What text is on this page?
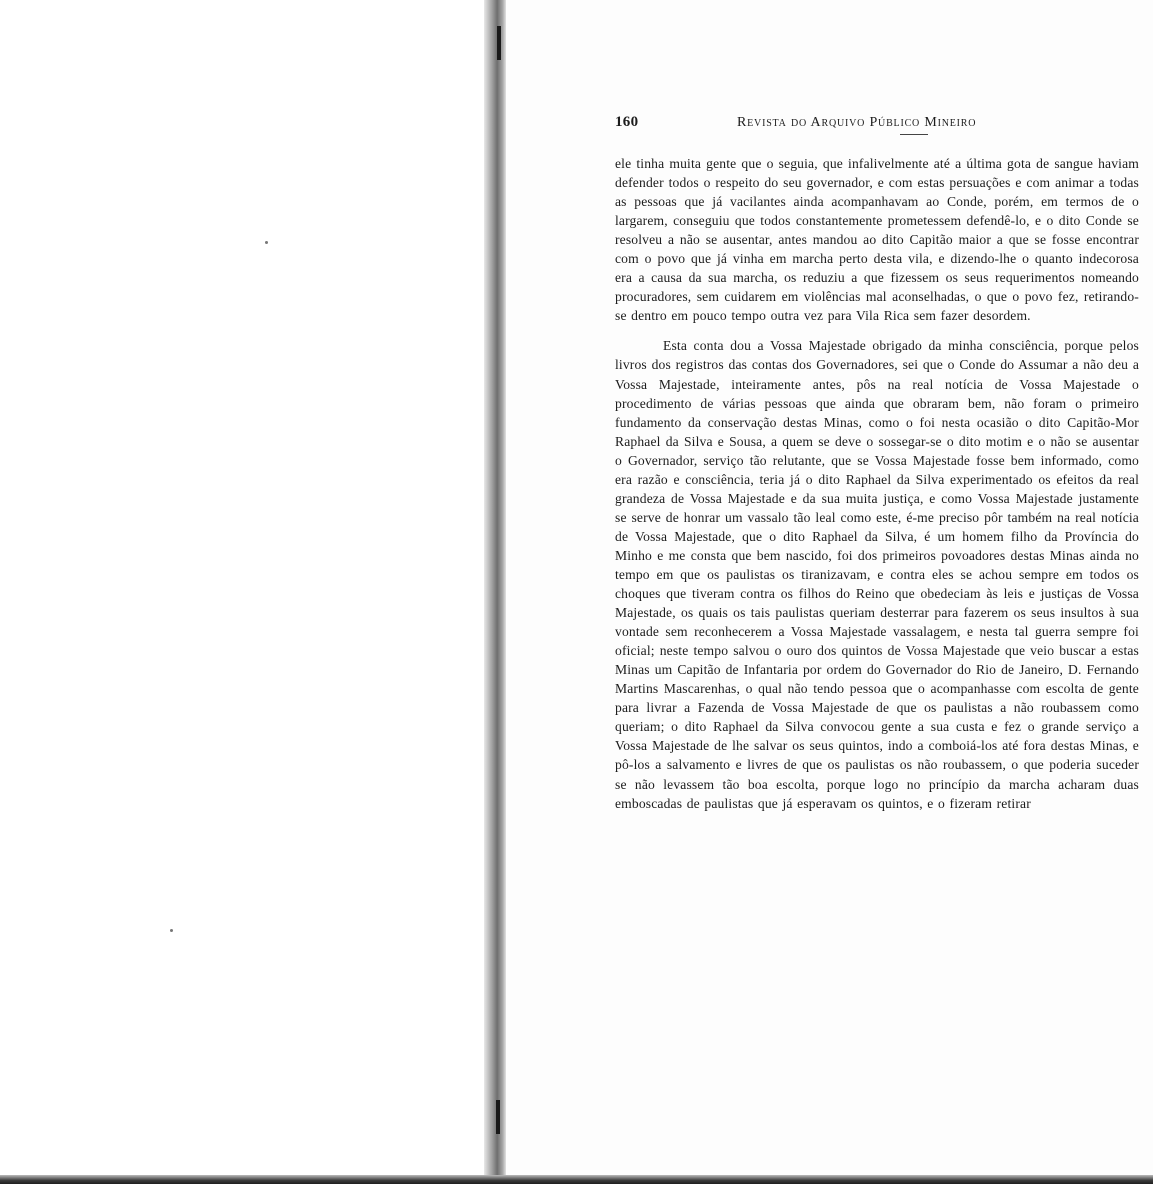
160	Revista do Arquivo Público Mineiro

ele tinha muita gente que o seguia, que infalivelmente até a última gota de sangue haviam defender todos o respeito do seu governador, e com estas persuações e com animar a todas as pessoas que já vacilantes ainda acompanhavam ao Conde, porém, em termos de o largarem, conseguiu que todos constantemente prometessem defendê-lo, e o dito Conde se resolveu a não se ausentar, antes mandou ao dito Capitão maior a que se fosse encontrar com o povo que já vinha em marcha perto desta vila, e dizendo-lhe o quanto indecorosa era a causa da sua marcha, os reduziu a que fizessem os seus requerimentos nomeando procuradores, sem cuidarem em violências mal aconselhadas, o que o povo fez, retirando-se dentro em pouco tempo outra vez para Vila Rica sem fazer desordem.

Esta conta dou a Vossa Majestade obrigado da minha consciência, porque pelos livros dos registros das contas dos Governadores, sei que o Conde do Assumar a não deu a Vossa Majestade, inteiramente antes, pôs na real notícia de Vossa Majestade o procedimento de várias pessoas que ainda que obraram bem, não foram o primeiro fundamento da conservação destas Minas, como o foi nesta ocasião o dito Capitão-Mor Raphael da Silva e Sousa, a quem se deve o sossegar-se o dito motim e o não se ausentar o Governador, serviço tão relutante, que se Vossa Majestade fosse bem informado, como era razão e consciência, teria já o dito Raphael da Silva experimentado os efeitos da real grandeza de Vossa Majestade e da sua muita justiça, e como Vossa Majestade justamente se serve de honrar um vassalo tão leal como este, é-me preciso pôr também na real notícia de Vossa Majestade, que o dito Raphael da Silva, é um homem filho da Província do Minho e me consta que bem nascido, foi dos primeiros povoadores destas Minas ainda no tempo em que os paulistas os tiranizavam, e contra eles se achou sempre em todos os choques que tiveram contra os filhos do Reino que obedeciam às leis e justiças de Vossa Majestade, os quais os tais paulistas queriam desterrar para fazerem os seus insultos à sua vontade sem reconhecerem a Vossa Majestade vassalagem, e nesta tal guerra sempre foi oficial; neste tempo salvou o ouro dos quintos de Vossa Majestade que veio buscar a estas Minas um Capitão de Infantaria por ordem do Governador do Rio de Janeiro, D. Fernando Martins Mascarenhas, o qual não tendo pessoa que o acompanhasse com escolta de gente para livrar a Fazenda de Vossa Majestade de que os paulistas a não roubassem como queriam; o dito Raphael da Silva convocou gente a sua custa e fez o grande serviço a Vossa Majestade de lhe salvar os seus quintos, indo a comboiá-los até fora destas Minas, e pô-los a salvamento e livres de que os paulistas os não roubassem, o que poderia suceder se não levassem tão boa escolta, porque logo no princípio da marcha acharam duas emboscadas de paulistas que já esperavam os quintos, e o fizeram retirar
